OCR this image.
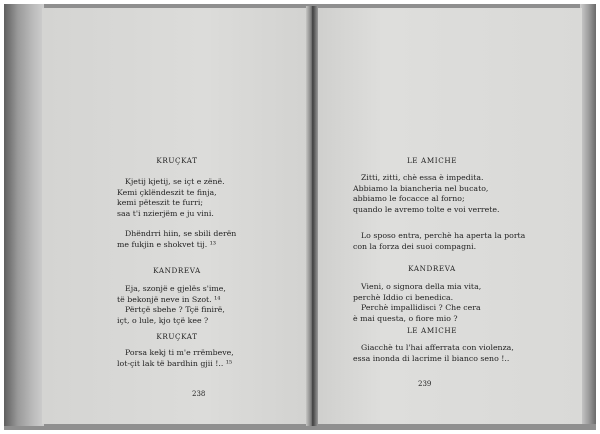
KRUÇKAT
Kjetij kjetij, se içt e zënë.
Kemi çklëndeszit te finja,
kemi pëteszit te furri;
saa t'i nzierjëm e ju vini.
Dhëndrri hiin, se sbili derën
me fukjin e shokvet tij. ¹³
KANDREVA
Eja, szonjë e gjelës s'ime,
të bekonjë neve in Szot. ¹⁴
Përtçë sbehe ? Tçë finirë,
içt, o lule, kjo tçë kee ?
KRUÇKAT
Porsa kekj ti m'e rrëmbeve,
lot-çit lak të bardhin gjii !.. ¹⁵
238
LE AMICHE
Zitti, zitti, chè essa è impedita.
Abbiamo la biancheria nel bucato,
abbiamo le focacce al forno;
quando le avremo tolte e voi verrete.
Lo sposo entra, perchè ha aperta la porta
con la forza dei suoi compagni.
KANDREVA
Vieni, o signora della mia vita,
perchè Iddio ci benedica.
Perchè impallidisci ? Che cera
è mai questa, o fiore mio ?
LE AMICHE
Giacchè tu l'hai afferrata con violenza,
essa inonda di lacrime il bianco seno !..
239
